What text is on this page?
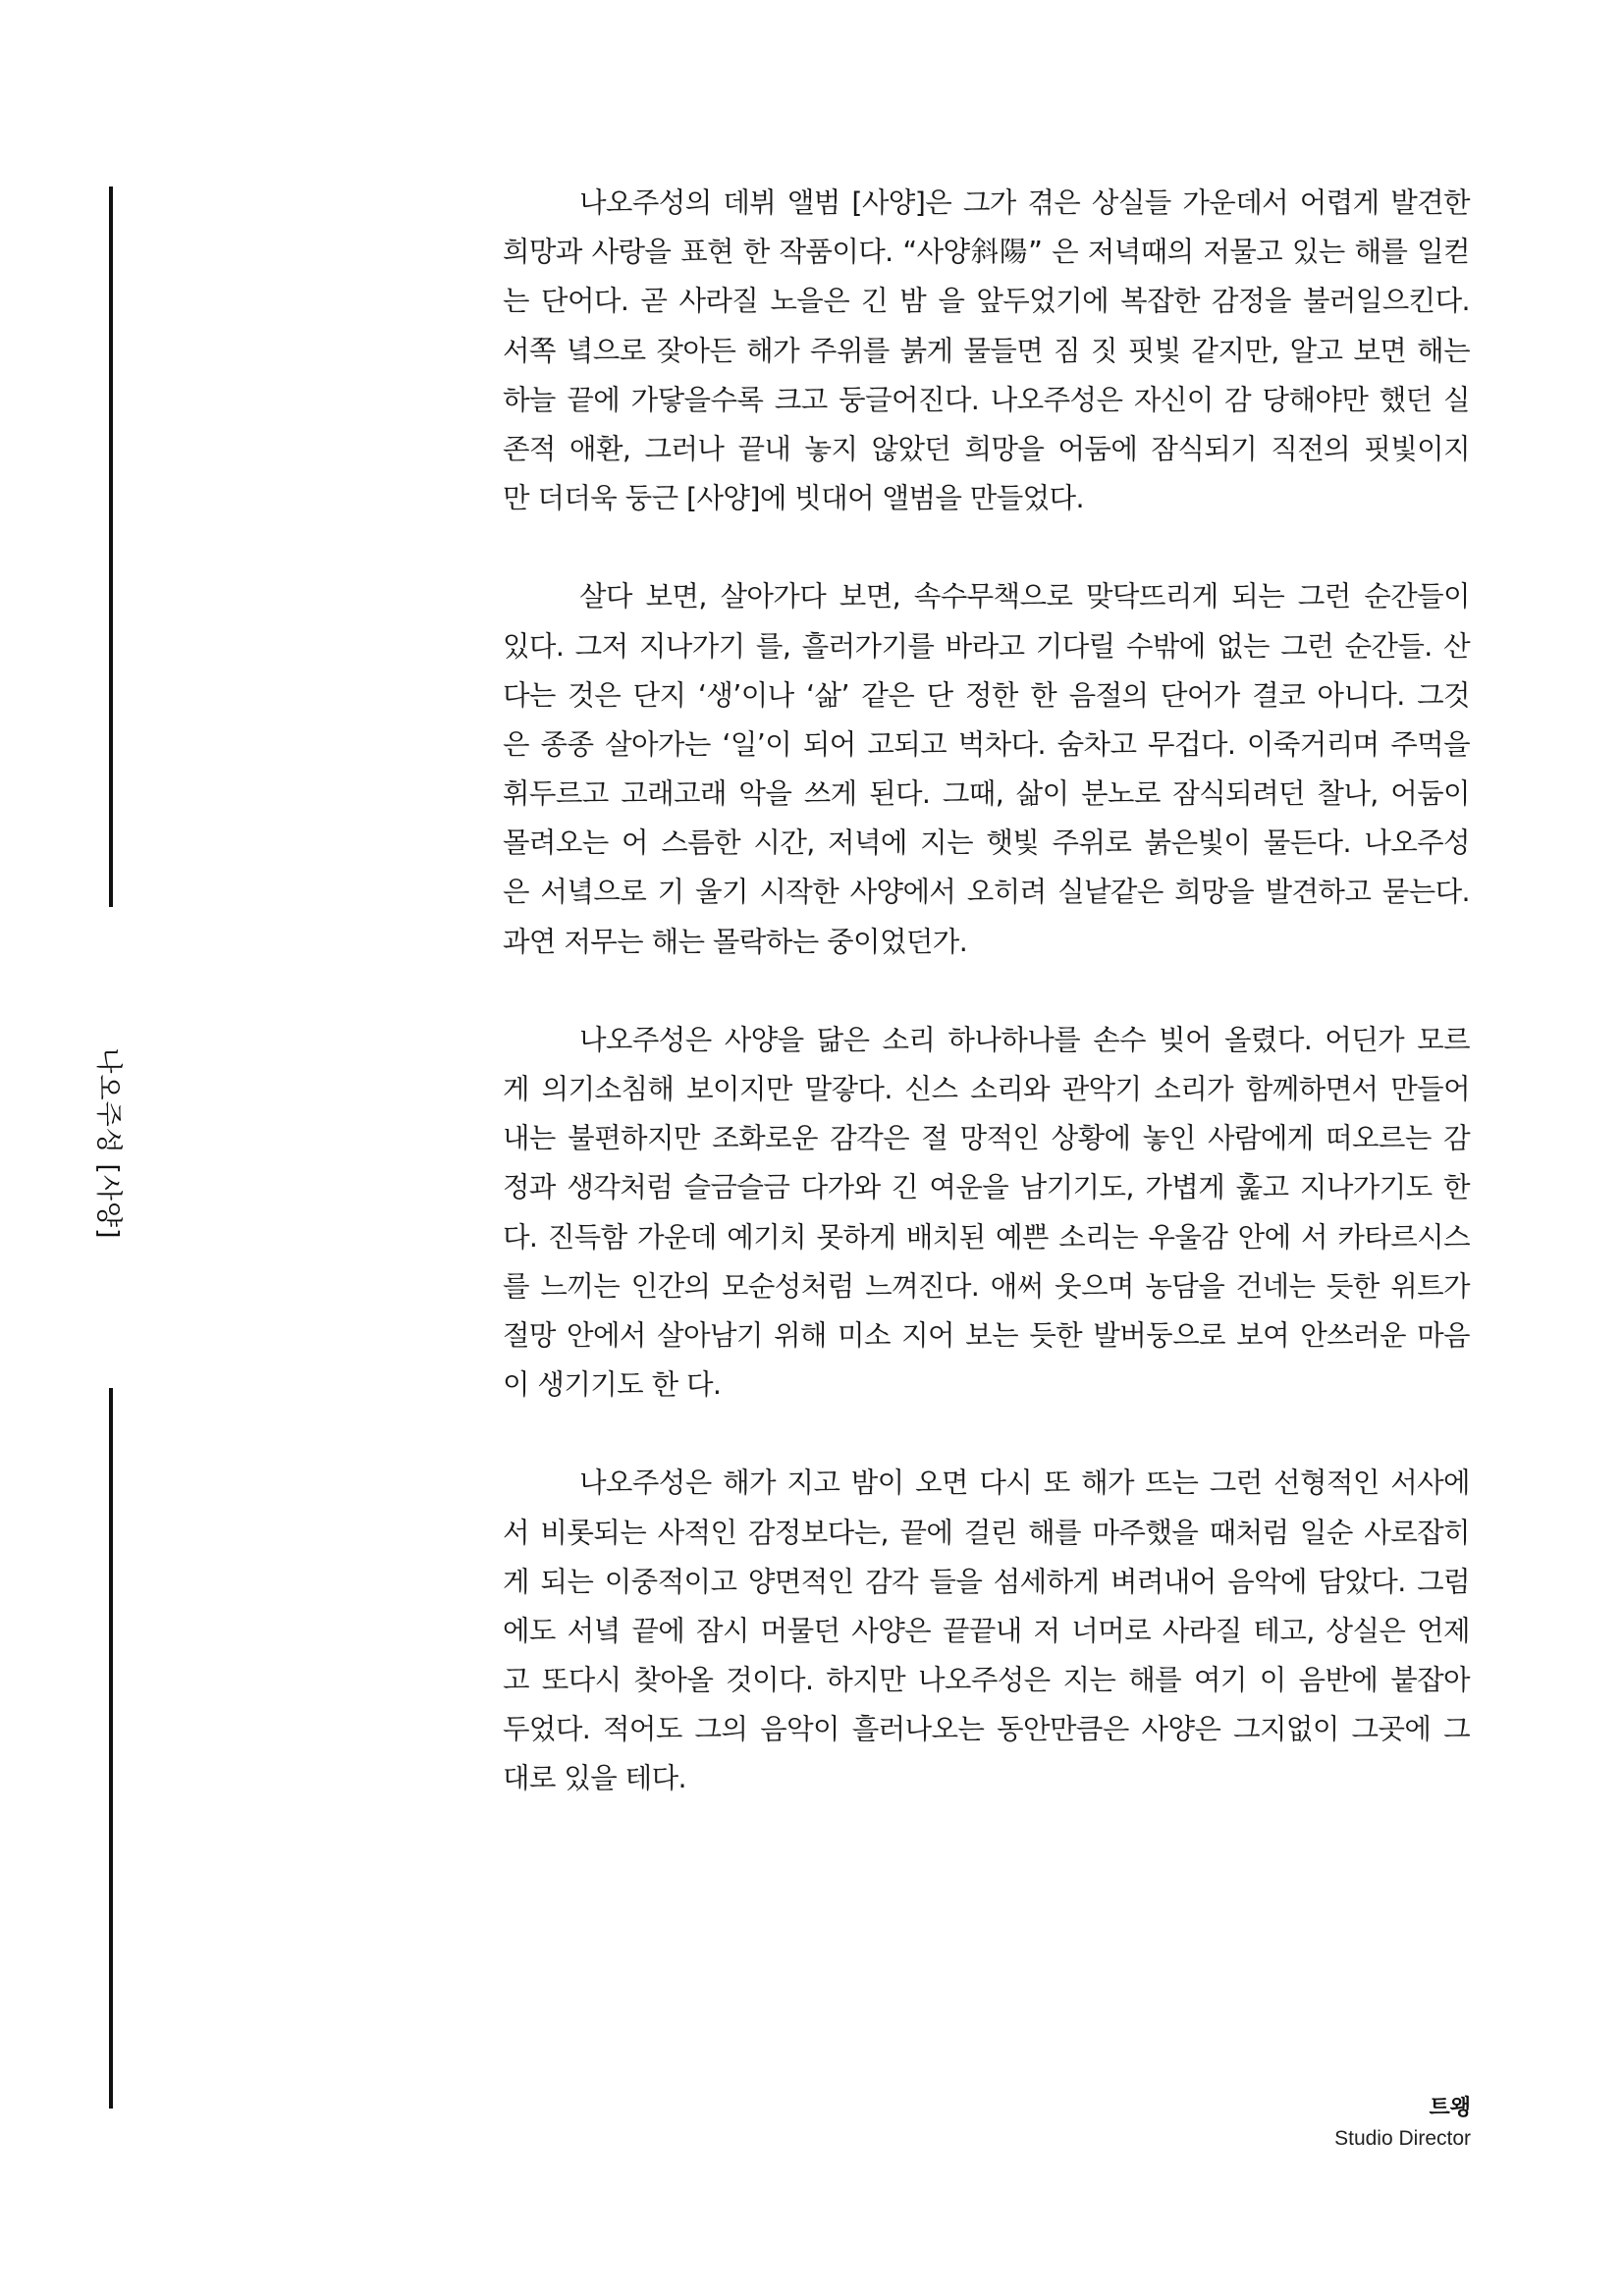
나오주성 [사양]
나오주성의 데뷔 앨범 [사양]은 그가 겪은 상실들 가운데서 어렵게 발견한
희망과 사랑을 표현 한 작품이다. “사양斜陽” 은 저녁때의 저물고 있는 해를 일컫
는 단어다. 곧 사라질 노을은 긴 밤 을 앞두었기에 복잡한 감정을 불러일으킨다.
서쪽 녘으로 잦아든 해가 주위를 붉게 물들면 짐 짓 핏빛 같지만, 알고 보면 해는
하늘 끝에 가닿을수록 크고 둥글어진다. 나오주성은 자신이 감 당해야만 했던 실
존적 애환, 그러나 끝내 놓지 않았던 희망을 어둠에 잠식되기 직전의 핏빛이지
만 더더욱 둥근 [사양]에 빗대어 앨범을 만들었다.
살다 보면, 살아가다 보면, 속수무책으로 맞닥뜨리게 되는 그런 순간들이
있다. 그저 지나가기 를, 흘러가기를 바라고 기다릴 수밖에 없는 그런 순간들. 산
다는 것은 단지 ‘생’이나 ‘삶’ 같은 단 정한 한 음절의 단어가 결코 아니다. 그것
은 종종 살아가는 ‘일’이 되어 고되고 벅차다. 숨차고 무겁다. 이죽거리며 주먹을
휘두르고 고래고래 악을 쓰게 된다. 그때, 삶이 분노로 잠식되려던 찰나, 어둠이
몰려오는 어 스름한 시간, 저녁에 지는 햇빛 주위로 붉은빛이 물든다. 나오주성
은 서녘으로 기 울기 시작한 사양에서 오히려 실낱같은 희망을 발견하고 묻는다.
과연 저무는 해는 몰락하는 중이었던가.
나오주성은 사양을 닮은 소리 하나하나를 손수 빚어 올렸다. 어딘가 모르
게 의기소침해 보이지만 말갛다. 신스 소리와 관악기 소리가 함께하면서 만들어
내는 불편하지만 조화로운 감각은 절 망적인 상황에 놓인 사람에게 떠오르는 감
정과 생각처럼 슬금슬금 다가와 긴 여운을 남기기도, 가볍게 훑고 지나가기도 한
다. 진득함 가운데 예기치 못하게 배치된 예쁜 소리는 우울감 안에 서 카타르시스
를 느끼는 인간의 모순성처럼 느껴진다. 애써 웃으며 농담을 건네는 듯한 위트가
절망 안에서 살아남기 위해 미소 지어 보는 듯한 발버둥으로 보여 안쓰러운 마음
이 생기기도 한 다.
나오주성은 해가 지고 밤이 오면 다시 또 해가 뜨는 그런 선형적인 서사에
서 비롯되는 사적인 감정보다는, 끝에 걸린 해를 마주했을 때처럼 일순 사로잡히
게 되는 이중적이고 양면적인 감각 들을 섬세하게 벼려내어 음악에 담았다. 그럼
에도 서녘 끝에 잠시 머물던 사양은 끝끝내 저 너머로 사라질 테고, 상실은 언제
고 또다시 찾아올 것이다. 하지만 나오주성은 지는 해를 여기 이 음반에 붙잡아
두었다. 적어도 그의 음악이 흘러나오는 동안만큼은 사양은 그지없이 그곳에 그
대로 있을 테다.
트왱
Studio Director
